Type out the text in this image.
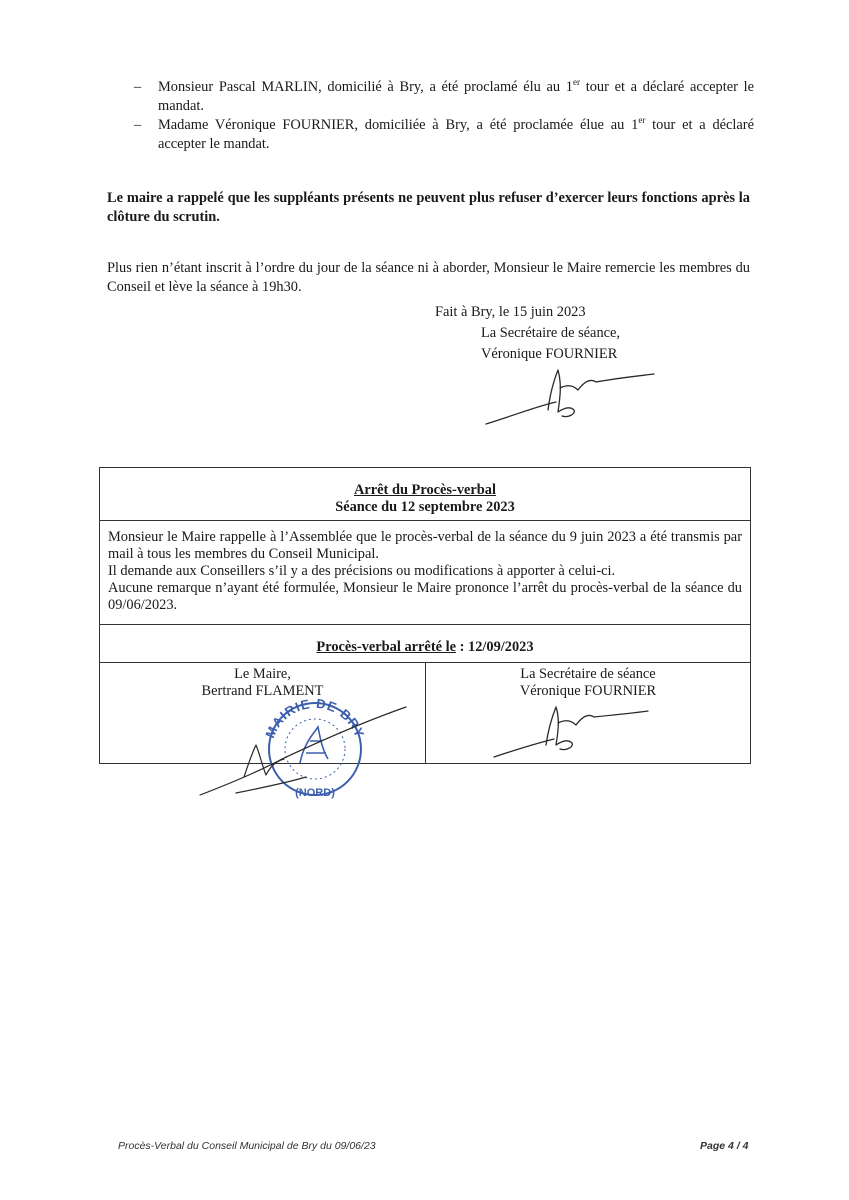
– Monsieur Pascal MARLIN, domicilié à Bry, a été proclamé élu au 1er tour et a déclaré accepter le mandat.
– Madame Véronique FOURNIER, domiciliée à Bry, a été proclamée élue au 1er tour et a déclaré accepter le mandat.

Le maire a rappelé que les suppléants présents ne peuvent plus refuser d’exercer leurs fonctions après la clôture du scrutin.

Plus rien n’étant inscrit à l’ordre du jour de la séance ni à aborder, Monsieur le Maire remercie les membres du Conseil et lève la séance à 19h30.

Fait à Bry, le 15 juin 2023
La Secrétaire de séance,
Véronique FOURNIER
Arrêt du Procès-verbal
Séance du 12 septembre 2023
Monsieur le Maire rappelle à l’Assemblée que le procès-verbal de la séance du 9 juin 2023 a été transmis par mail à tous les membres du Conseil Municipal.
Il demande aux Conseillers s’il y a des précisions ou modifications à apporter à celui-ci.
Aucune remarque n’ayant été formulée, Monsieur le Maire prononce l’arrêt du procès-verbal de la séance du 09/06/2023.
Procès-verbal arrêté le : 12/09/2023
Le Maire,
Bertrand FLAMENT
La Secrétaire de séance
Véronique FOURNIER
MAIRIE DE BRY
(NORD)
Procès-Verbal du Conseil Municipal de Bry du 09/06/23	Page 4 / 4
